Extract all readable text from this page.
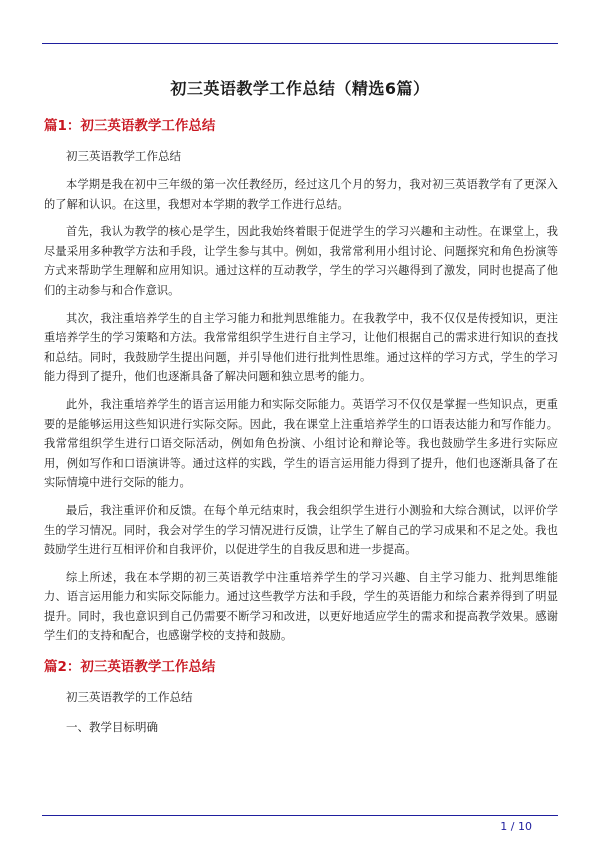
初三英语教学工作总结（精选6篇）

篇1：初三英语教学工作总结

初三英语教学工作总结

本学期是我在初中三年级的第一次任教经历，经过这几个月的努力，我对初三英语教学有了更深入的了解和认识。在这里，我想对本学期的教学工作进行总结。

首先，我认为教学的核心是学生，因此我始终着眼于促进学生的学习兴趣和主动性。在课堂上，我尽量采用多种教学方法和手段，让学生参与其中。例如，我常常利用小组讨论、问题探究和角色扮演等方式来帮助学生理解和应用知识。通过这样的互动教学，学生的学习兴趣得到了激发，同时也提高了他们的主动参与和合作意识。

其次，我注重培养学生的自主学习能力和批判思维能力。在我教学中，我不仅仅是传授知识，更注重培养学生的学习策略和方法。我常常组织学生进行自主学习，让他们根据自己的需求进行知识的查找和总结。同时，我鼓励学生提出问题，并引导他们进行批判性思维。通过这样的学习方式，学生的学习能力得到了提升，他们也逐渐具备了解决问题和独立思考的能力。

此外，我注重培养学生的语言运用能力和实际交际能力。英语学习不仅仅是掌握一些知识点，更重要的是能够运用这些知识进行实际交际。因此，我在课堂上注重培养学生的口语表达能力和写作能力。我常常组织学生进行口语交际活动，例如角色扮演、小组讨论和辩论等。我也鼓励学生多进行实际应用，例如写作和口语演讲等。通过这样的实践，学生的语言运用能力得到了提升，他们也逐渐具备了在实际情境中进行交际的能力。

最后，我注重评价和反馈。在每个单元结束时，我会组织学生进行小测验和大综合测试，以评价学生的学习情况。同时，我会对学生的学习情况进行反馈，让学生了解自己的学习成果和不足之处。我也鼓励学生进行互相评价和自我评价，以促进学生的自我反思和进一步提高。

综上所述，我在本学期的初三英语教学中注重培养学生的学习兴趣、自主学习能力、批判思维能力、语言运用能力和实际交际能力。通过这些教学方法和手段，学生的英语能力和综合素养得到了明显提升。同时，我也意识到自己仍需要不断学习和改进，以更好地适应学生的需求和提高教学效果。感谢学生们的支持和配合，也感谢学校的支持和鼓励。

篇2：初三英语教学工作总结

初三英语教学的工作总结

一、教学目标明确

1 / 10
